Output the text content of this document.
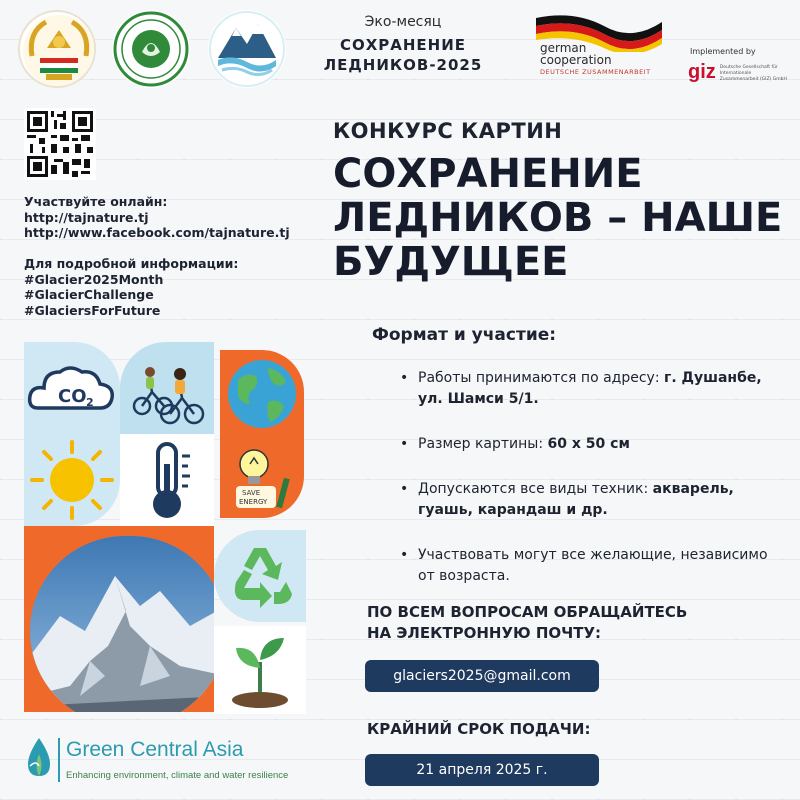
Эко-месяц
СОХРАНЕНИЕ
ЛЕДНИКОВ-2025
german
cooperation
DEUTSCHE ZUSAMMENARBEIT
Implemented by
giz Deutsche Gesellschaft für Internationale Zusammenarbeit (GIZ) GmbH
Участвуйте онлайн:
http://tajnature.tj
http://www.facebook.com/tajnature.tj
Для подробной информации:
#Glacier2025Month
#GlacierChallenge
#GlaciersForFuture
CO 2
SAVE
ENERGY
КОНКУРС КАРТИН
СОХРАНЕНИЕ
ЛЕДНИКОВ – НАШЕ
БУДУЩЕЕ
Формат и участие:
• Работы принимаются по адресу: г. Душанбе, ул. Шамси 5/1.
• Размер картины: 60 x 50 см
• Допускаются все виды техник: акварель, гуашь, карандаш и др.
• Участвовать могут все желающие, независимо от возраста.
ПО ВСЕМ ВОПРОСАМ ОБРАЩАЙТЕСЬ
НА ЭЛЕКТРОННУЮ ПОЧТУ:
glaciers2025@gmail.com
КРАЙНИЙ СРОК ПОДАЧИ:
21 апреля 2025 г.
Green Central Asia
Enhancing environment, climate and water resilience
